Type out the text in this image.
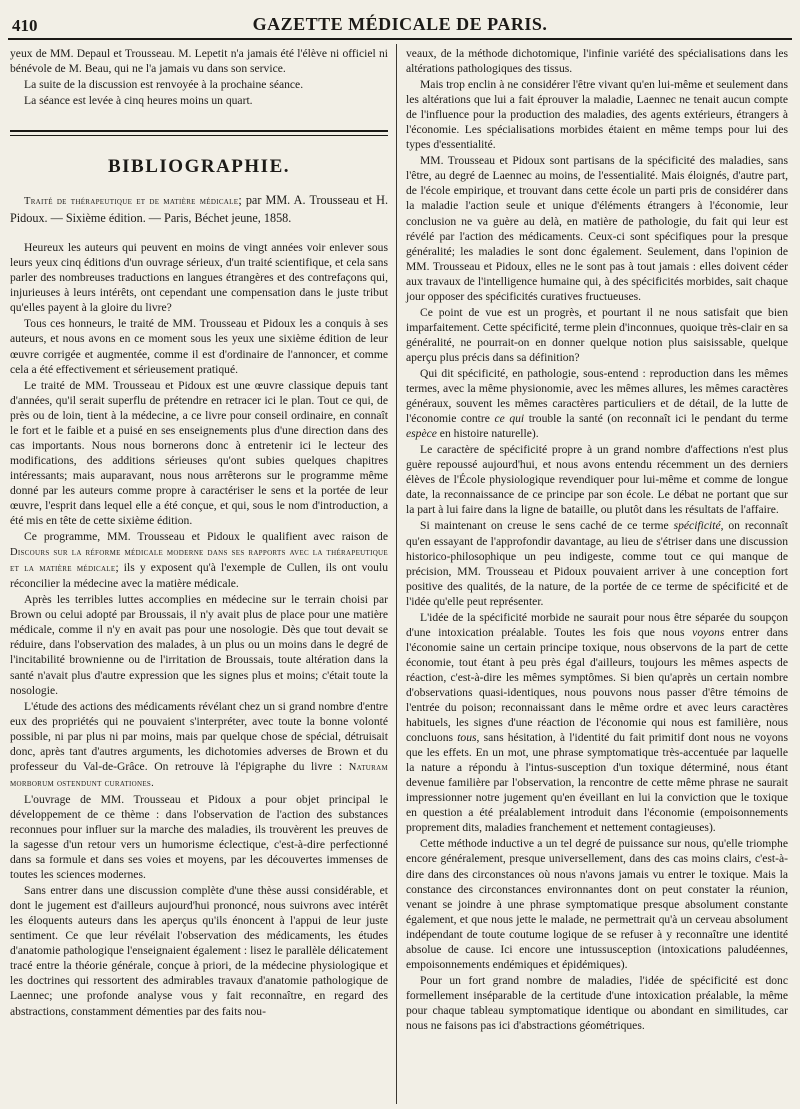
410	GAZETTE MÉDICALE DE PARIS.

yeux de MM. Depaul et Trousseau. M. Lepetit n'a jamais été l'élève ni officiel ni bénévole de M. Beau, qui ne l'a jamais vu dans son service.

La suite de la discussion est renvoyée à la prochaine séance.

La séance est levée à cinq heures moins un quart.

BIBLIOGRAPHIE.

Traité de thérapeutique et de matière médicale; par MM. A. Trousseau et H. Pidoux. — Sixième édition. — Paris, Béchet jeune, 1858.

Heureux les auteurs qui peuvent en moins de vingt années voir enlever sous leurs yeux cinq éditions d'un ouvrage sérieux, d'un traité scientifique, et cela sans parler des nombreuses traductions en langues étrangères et des contrefaçons qui, injurieuses à leurs intérêts, ont cependant une compensation dans le juste tribut qu'elles payent à la gloire du livre?

Tous ces honneurs, le traité de MM. Trousseau et Pidoux les a conquis à ses auteurs, et nous avons en ce moment sous les yeux une sixième édition de leur œuvre corrigée et augmentée, comme il est d'ordinaire de l'annoncer, et comme cela a été effectivement et sérieusement pratiqué.

Le traité de MM. Trousseau et Pidoux est une œuvre classique depuis tant d'années, qu'il serait superflu de prétendre en retracer ici le plan. Tout ce qui, de près ou de loin, tient à la médecine, a ce livre pour conseil ordinaire, en connaît le fort et le faible et a puisé en ses enseignements plus d'une direction dans des cas importants. Nous nous bornerons donc à entretenir ici le lecteur des modifications, des additions sérieuses qu'ont subies quelques chapitres intéressants; mais auparavant, nous nous arrêterons sur le programme même donné par les auteurs comme propre à caractériser le sens et la portée de leur œuvre, l'esprit dans lequel elle a été conçue, et qui, sous le nom d'introduction, a été mis en tête de cette sixième édition.

Ce programme, MM. Trousseau et Pidoux le qualifient avec raison de Discours sur la réforme médicale moderne dans ses rapports avec la thérapeutique et la matière médicale; ils y exposent qu'à l'exemple de Cullen, ils ont voulu réconcilier la médecine avec la matière médicale.

Après les terribles luttes accomplies en médecine sur le terrain choisi par Brown ou celui adopté par Broussais, il n'y avait plus de place pour une matière médicale, comme il n'y en avait pas pour une nosologie. Dès que tout devait se réduire, dans l'observation des malades, à un plus ou un moins dans le degré de l'incitabilité brownienne ou de l'irritation de Broussais, toute altération dans la santé n'avait plus d'autre expression que les signes plus et moins; c'était toute la nosologie.

L'étude des actions des médicaments révélant chez un si grand nombre d'entre eux des propriétés qui ne pouvaient s'interpréter, avec toute la bonne volonté possible, ni par plus ni par moins, mais par quelque chose de spécial, détruisait donc, après tant d'autres arguments, les dichotomies adverses de Brown et du professeur du Val-de-Grâce. On retrouve là l'épigraphe du livre : Naturam morborum ostendunt curationes.

L'ouvrage de MM. Trousseau et Pidoux a pour objet principal le développement de ce thème : dans l'observation de l'action des substances reconnues pour influer sur la marche des maladies, ils trouvèrent les preuves de la sagesse d'un retour vers un humorisme éclectique, c'est-à-dire perfectionné dans sa formule et dans ses voies et moyens, par les découvertes immenses de toutes les sciences modernes.

Sans entrer dans une discussion complète d'une thèse aussi considérable, et dont le jugement est d'ailleurs aujourd'hui prononcé, nous suivrons avec intérêt les éloquents auteurs dans les aperçus qu'ils énoncent à l'appui de leur juste sentiment. Ce que leur révélait l'observation des médicaments, les études d'anatomie pathologique l'enseignaient également : lisez le parallèle délicatement tracé entre la théorie générale, conçue à priori, de la médecine physiologique et les doctrines qui ressortent des admirables travaux d'anatomie pathologique de Laennec; une profonde analyse vous y fait reconnaître, en regard des abstractions, constamment démenties par des faits nou-

veaux, de la méthode dichotomique, l'infinie variété des spécialisations dans les altérations pathologiques des tissus.

Mais trop enclin à ne considérer l'être vivant qu'en lui-même et seulement dans les altérations que lui a fait éprouver la maladie, Laennec ne tenait aucun compte de l'influence pour la production des maladies, des agents extérieurs, étrangers à l'économie. Les spécialisations morbides étaient en même temps pour lui des types d'essentialité.

MM. Trousseau et Pidoux sont partisans de la spécificité des maladies, sans l'être, au degré de Laennec au moins, de l'essentialité. Mais éloignés, d'autre part, de l'école empirique, et trouvant dans cette école un parti pris de considérer dans la maladie l'action seule et unique d'éléments étrangers à l'économie, leur conclusion ne va guère au delà, en matière de pathologie, du fait qui leur est révélé par l'action des médicaments. Ceux-ci sont spécifiques pour la presque généralité; les maladies le sont donc également. Seulement, dans l'opinion de MM. Trousseau et Pidoux, elles ne le sont pas à tout jamais : elles doivent céder aux travaux de l'intelligence humaine qui, à des spécificités morbides, sait chaque jour opposer des spécificités curatives fructueuses.

Ce point de vue est un progrès, et pourtant il ne nous satisfait que bien imparfaitement. Cette spécificité, terme plein d'inconnues, quoique très-clair en sa généralité, ne pourrait-on en donner quelque notion plus saisissable, quelque aperçu plus précis dans sa définition?

Qui dit spécificité, en pathologie, sous-entend : reproduction dans les mêmes termes, avec la même physionomie, avec les mêmes allures, les mêmes caractères généraux, souvent les mêmes caractères particuliers et de détail, de la lutte de l'économie contre ce qui trouble la santé (on reconnaît ici le pendant du terme espèce en histoire naturelle).

Le caractère de spécificité propre à un grand nombre d'affections n'est plus guère repoussé aujourd'hui, et nous avons entendu récemment un des derniers élèves de l'École physiologique revendiquer pour lui-même et comme de longue date, la reconnaissance de ce principe par son école. Le débat ne portant que sur la part à lui faire dans la ligne de bataille, ou plutôt dans les résultats de l'affaire.

Si maintenant on creuse le sens caché de ce terme spécificité, on reconnaît qu'en essayant de l'approfondir davantage, au lieu de s'étriser dans une discussion historico-philosophique un peu indigeste, comme tout ce qui manque de précision, MM. Trousseau et Pidoux pouvaient arriver à une conception fort positive des qualités, de la nature, de la portée de ce terme de spécificité et de l'idée qu'elle peut représenter.

L'idée de la spécificité morbide ne saurait pour nous être séparée du soupçon d'une intoxication préalable. Toutes les fois que nous voyons entrer dans l'économie saine un certain principe toxique, nous observons de la part de cette économie, tout étant à peu près égal d'ailleurs, toujours les mêmes aspects de réaction, c'est-à-dire les mêmes symptômes. Si bien qu'après un certain nombre d'observations quasi-identiques, nous pouvons nous passer d'être témoins de l'entrée du poison; reconnaissant dans le même ordre et avec leurs caractères habituels, les signes d'une réaction de l'économie qui nous est familière, nous concluons tous, sans hésitation, à l'identité du fait primitif dont nous ne voyons que les effets. En un mot, une phrase symptomatique très-accentuée par laquelle la nature a répondu à l'intus-susception d'un toxique déterminé, nous étant devenue familière par l'observation, la rencontre de cette même phrase ne saurait impressionner notre jugement qu'en éveillant en lui la conviction que le toxique en question a été préalablement introduit dans l'économie (empoisonnements proprement dits, maladies franchement et nettement contagieuses).

Cette méthode inductive a un tel degré de puissance sur nous, qu'elle triomphe encore généralement, presque universellement, dans des cas moins clairs, c'est-à-dire dans des circonstances où nous n'avons jamais vu entrer le toxique. Mais la constance des circonstances environnantes dont on peut constater la réunion, venant se joindre à une phrase symptomatique presque absolument constante également, et que nous jette le malade, ne permettrait qu'à un cerveau absolument indépendant de toute coutume logique de se refuser à y reconnaître une identité absolue de cause. Ici encore une intussusception (intoxications paludéennes, empoisonnements endémiques et épidémiques).

Pour un fort grand nombre de maladies, l'idée de spécificité est donc formellement inséparable de la certitude d'une intoxication préalable, la même pour chaque tableau symptomatique identique ou abondant en similitudes, car nous ne faisons pas ici d'abstractions géométriques.
